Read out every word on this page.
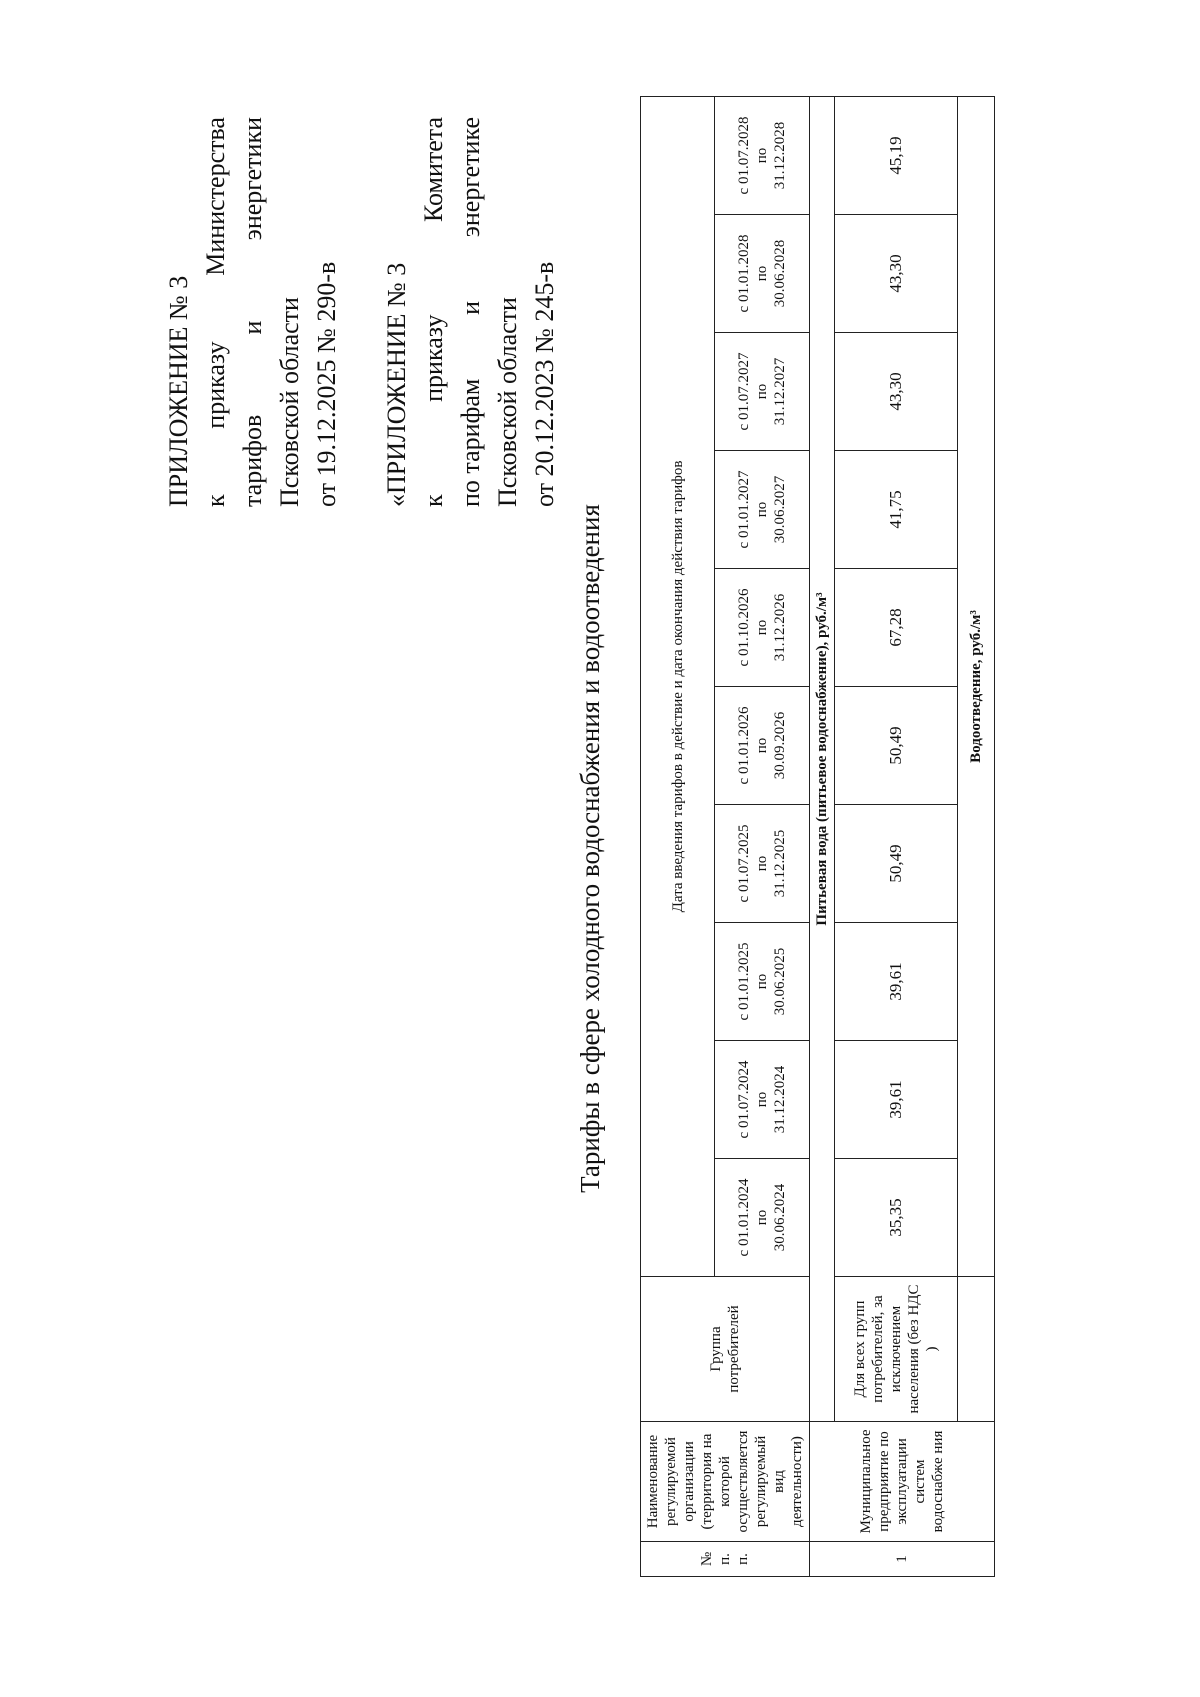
ПРИЛОЖЕНИЕ № 3 к
приказу
Министерства
тарифов
и
энергетики
Псковской области от 19.12.2025 № 290-в «ПРИЛОЖЕНИЕ № 3 к
приказу
Комитета
по тарифам
и
энергетике
Псковской области от 20.12.2023 № 245-в
Тарифы в сфере холодного водоснабжения и водоотведения
№ п. п.	Наименование регулируемой организации (территория на которой осуществляется регулируемый вид деятельности)	Группа потребителей	Дата введения тарифов в действие и дата окончания действия тарифов									
			с 01.01.2024 по 30.06.2024	с 01.07.2024 по 31.12.2024	с 01.01.2025 по 30.06.2025	с 01.07.2025 по 31.12.2025	с 01.01.2026 по 30.09.2026	с 01.10.2026 по 31.12.2026	с 01.01.2027 по 30.06.2027	с 01.07.2027 по 31.12.2027	с 01.01.2028 по 30.06.2028	с 01.07.2028 по 31.12.2028
1	Муниципальное предприятие по эксплуатации систем водоснабже ния	Питьевая вода (питьевое водоснабжение), руб./м³										
		Для всех групп потребителей, за исключением населения (без НДС )	35,35	39,61	39,61	50,49	50,49	67,28	41,75	43,30	43,30	45,19
			Водоотведение, руб./м³									
